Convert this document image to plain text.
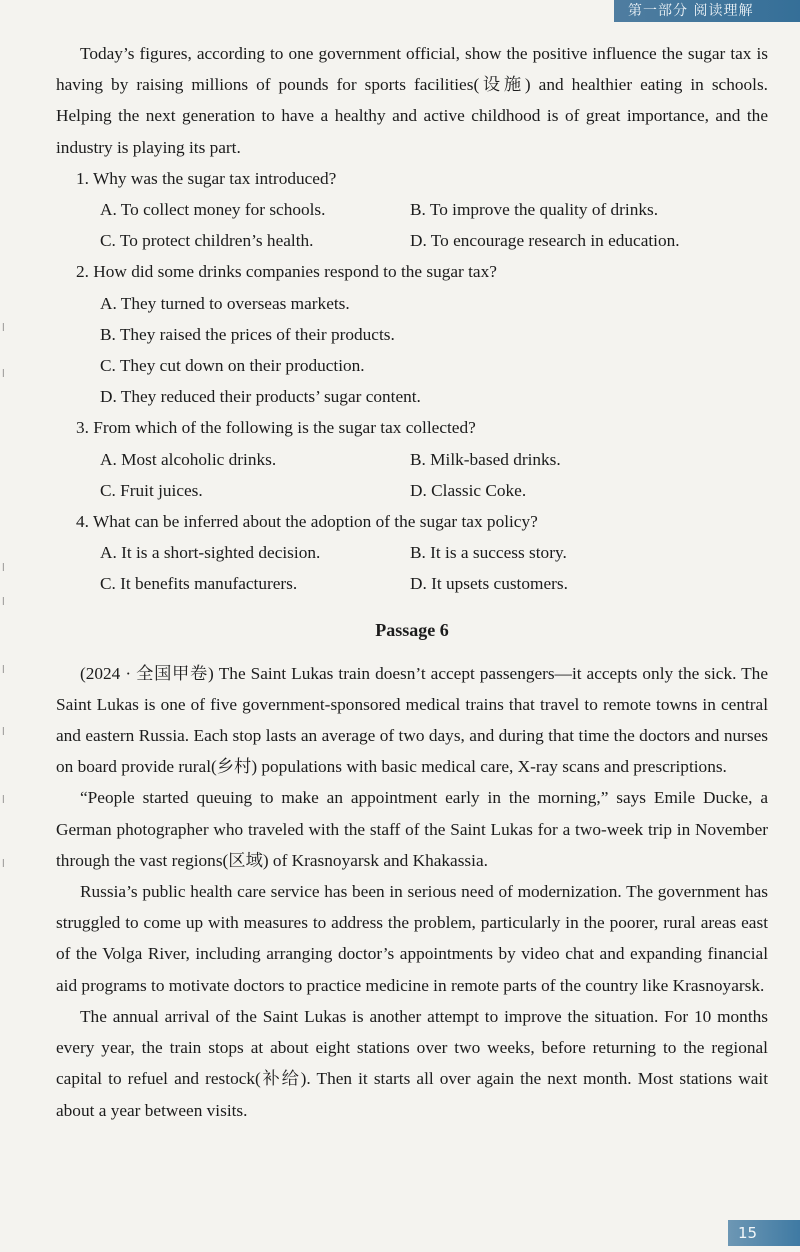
第一部分 阅读理解
ǀ
ǀ
ǀ
ǀ
ǀ
ǀ
ǀ
ǀ

Today’s figures, according to one government official, show the positive influence the sugar tax is having by raising millions of pounds for sports facilities(设施) and healthier eating in schools. Helping the next generation to have a healthy and active childhood is of great importance, and the industry is playing its part.

1. Why was the sugar tax introduced?
A. To collect money for schools.	B. To improve the quality of drinks.
C. To protect children’s health.	D. To encourage research in education.
2. How did some drinks companies respond to the sugar tax?
A. They turned to overseas markets.
B. They raised the prices of their products.
C. They cut down on their production.
D. They reduced their products’ sugar content.
3. From which of the following is the sugar tax collected?
A. Most alcoholic drinks.	B. Milk-based drinks.
C. Fruit juices.	D. Classic Coke.
4. What can be inferred about the adoption of the sugar tax policy?
A. It is a short-sighted decision.	B. It is a success story.
C. It benefits manufacturers.	D. It upsets customers.
Passage 6

(2024 · 全国甲卷) The Saint Lukas train doesn’t accept passengers—it accepts only the sick. The Saint Lukas is one of five government-sponsored medical trains that travel to remote towns in central and eastern Russia. Each stop lasts an average of two days, and during that time the doctors and nurses on board provide rural(乡村) populations with basic medical care, X-ray scans and prescriptions.

“People started queuing to make an appointment early in the morning,” says Emile Ducke, a German photographer who traveled with the staff of the Saint Lukas for a two-week trip in November through the vast regions(区域) of Krasnoyarsk and Khakassia.

Russia’s public health care service has been in serious need of modernization. The government has struggled to come up with measures to address the problem, particularly in the poorer, rural areas east of the Volga River, including arranging doctor’s appointments by video chat and expanding financial aid programs to motivate doctors to practice medicine in remote parts of the country like Krasnoyarsk.

The annual arrival of the Saint Lukas is another attempt to improve the situation. For 10 months every year, the train stops at about eight stations over two weeks, before returning to the regional capital to refuel and restock(补给). Then it starts all over again the next month. Most stations wait about a year between visits.

15
